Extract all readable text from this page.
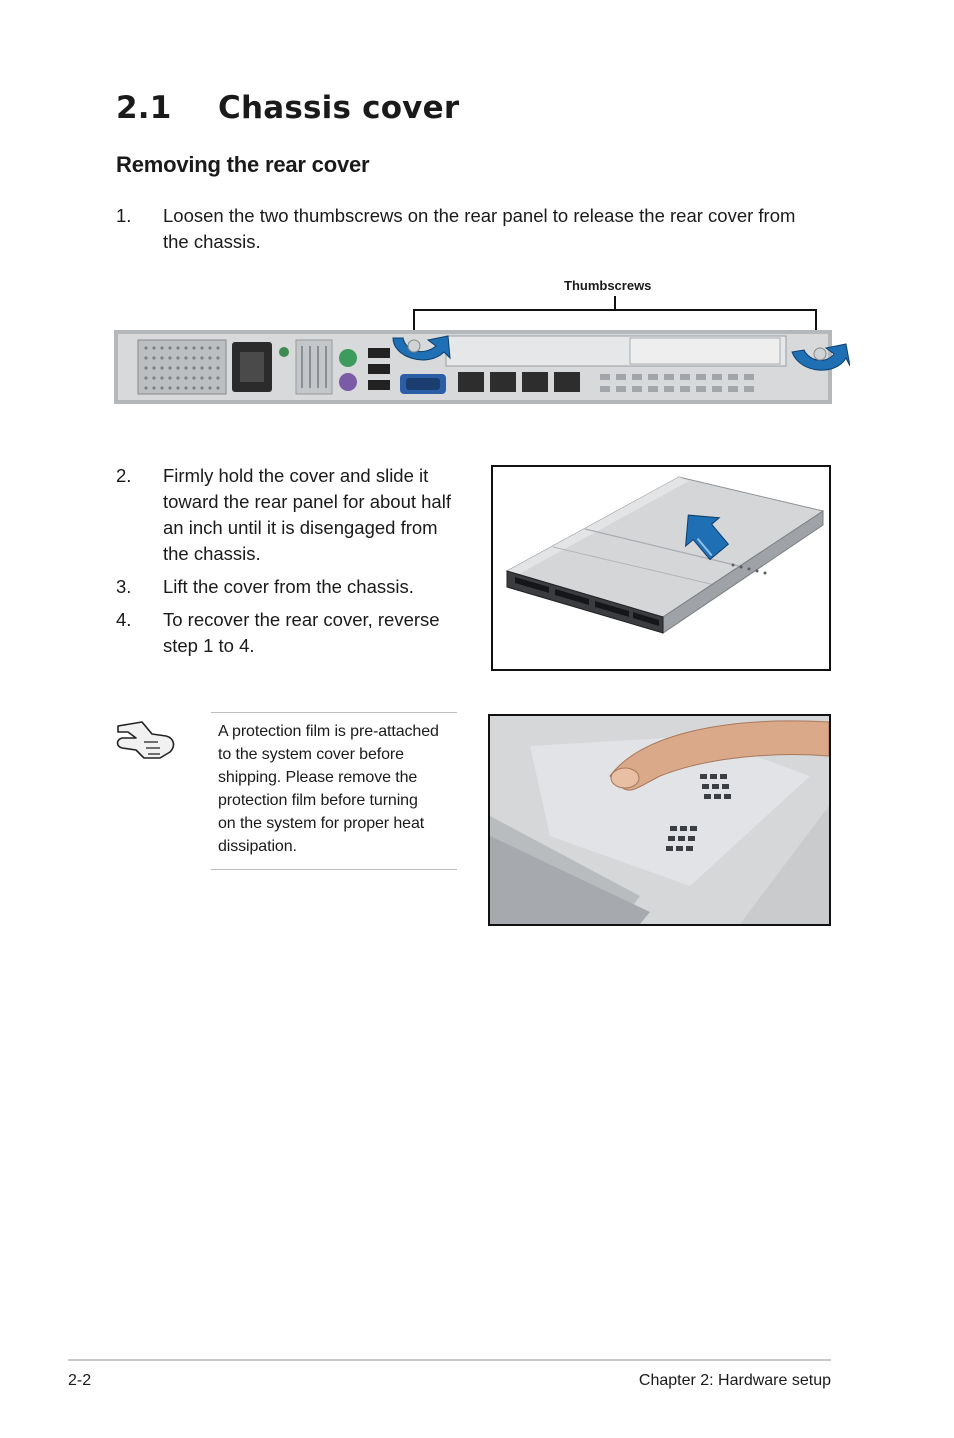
2.1 Chassis cover
Removing the rear cover
1.	Loosen the two thumbscrews on the rear panel to release the rear cover from
the chassis.
Thumbscrews
2.	Firmly hold the cover and slide it
toward the rear panel for about half
an inch until it is disengaged from
the chassis.
3.	Lift the cover from the chassis.
4.	To recover the rear cover, reverse
step 1 to 4.
A protection film is pre-attached
to the system cover before
shipping. Please remove the
protection film before turning
on the system for proper heat
dissipation.
2-2	Chapter 2: Hardware setup
